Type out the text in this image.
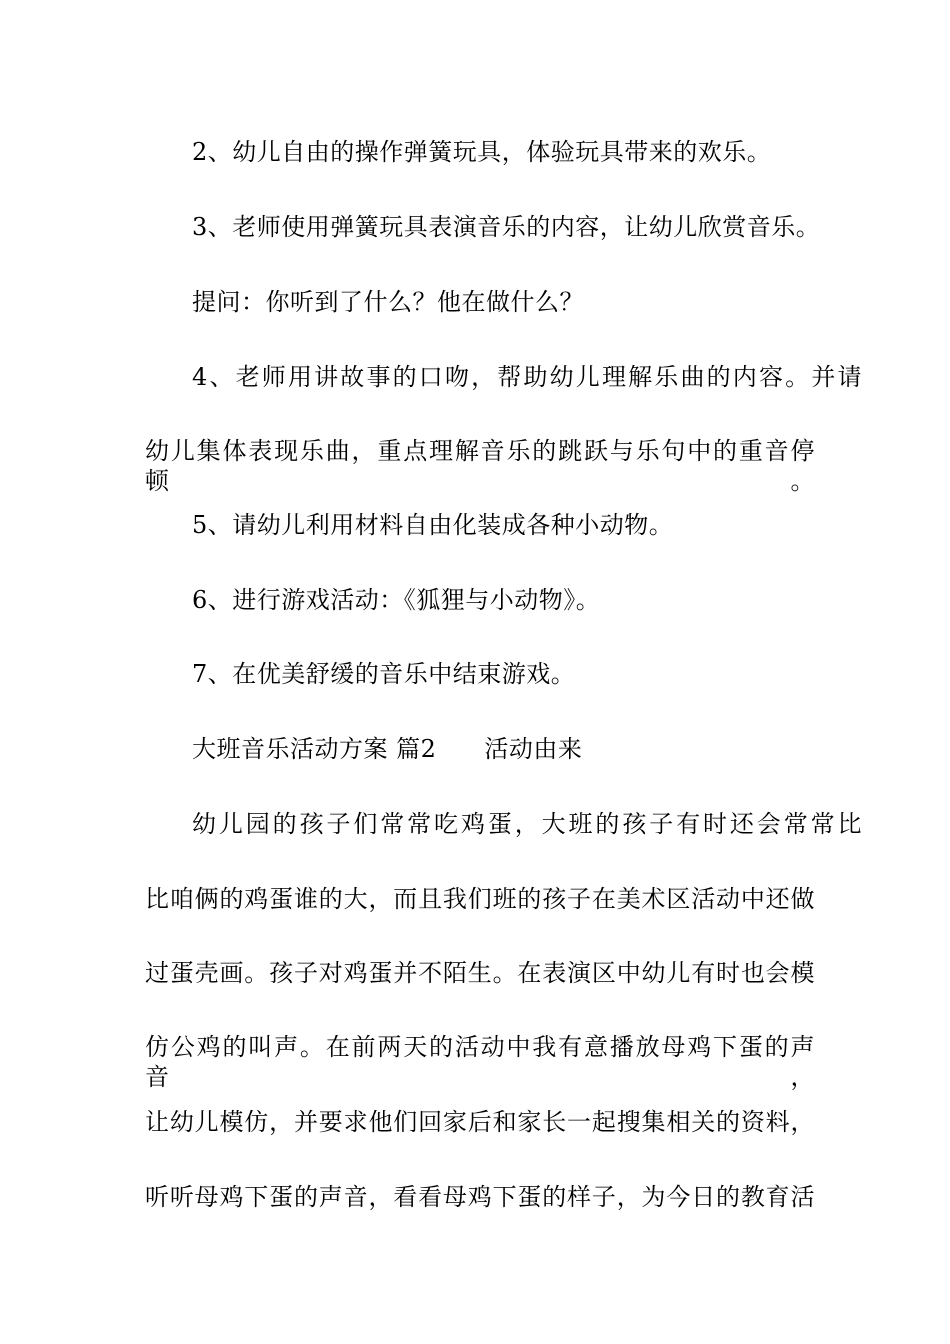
2、幼儿自由的操作弹簧玩具，体验玩具带来的欢乐。
3、老师使用弹簧玩具表演音乐的内容，让幼儿欣赏音乐。
提问：你听到了什么？他在做什么？
4、老师用讲故事的口吻，帮助幼儿理解乐曲的内容。并请
幼儿集体表现乐曲，重点理解音乐的跳跃与乐句中的重音停顿。
5、请幼儿利用材料自由化装成各种小动物。
6、进行游戏活动：《狐狸与小动物》。
7、在优美舒缓的音乐中结束游戏。
大班音乐活动方案 篇2 活动由来
幼儿园的孩子们常常吃鸡蛋，大班的孩子有时还会常常比
比咱俩的鸡蛋谁的大，而且我们班的孩子在美术区活动中还做
过蛋壳画。孩子对鸡蛋并不陌生。在表演区中幼儿有时也会模
仿公鸡的叫声。在前两天的活动中我有意播放母鸡下蛋的声音，
让幼儿模仿，并要求他们回家后和家长一起搜集相关的资料，
听听母鸡下蛋的声音，看看母鸡下蛋的样子，为今日的教育活
